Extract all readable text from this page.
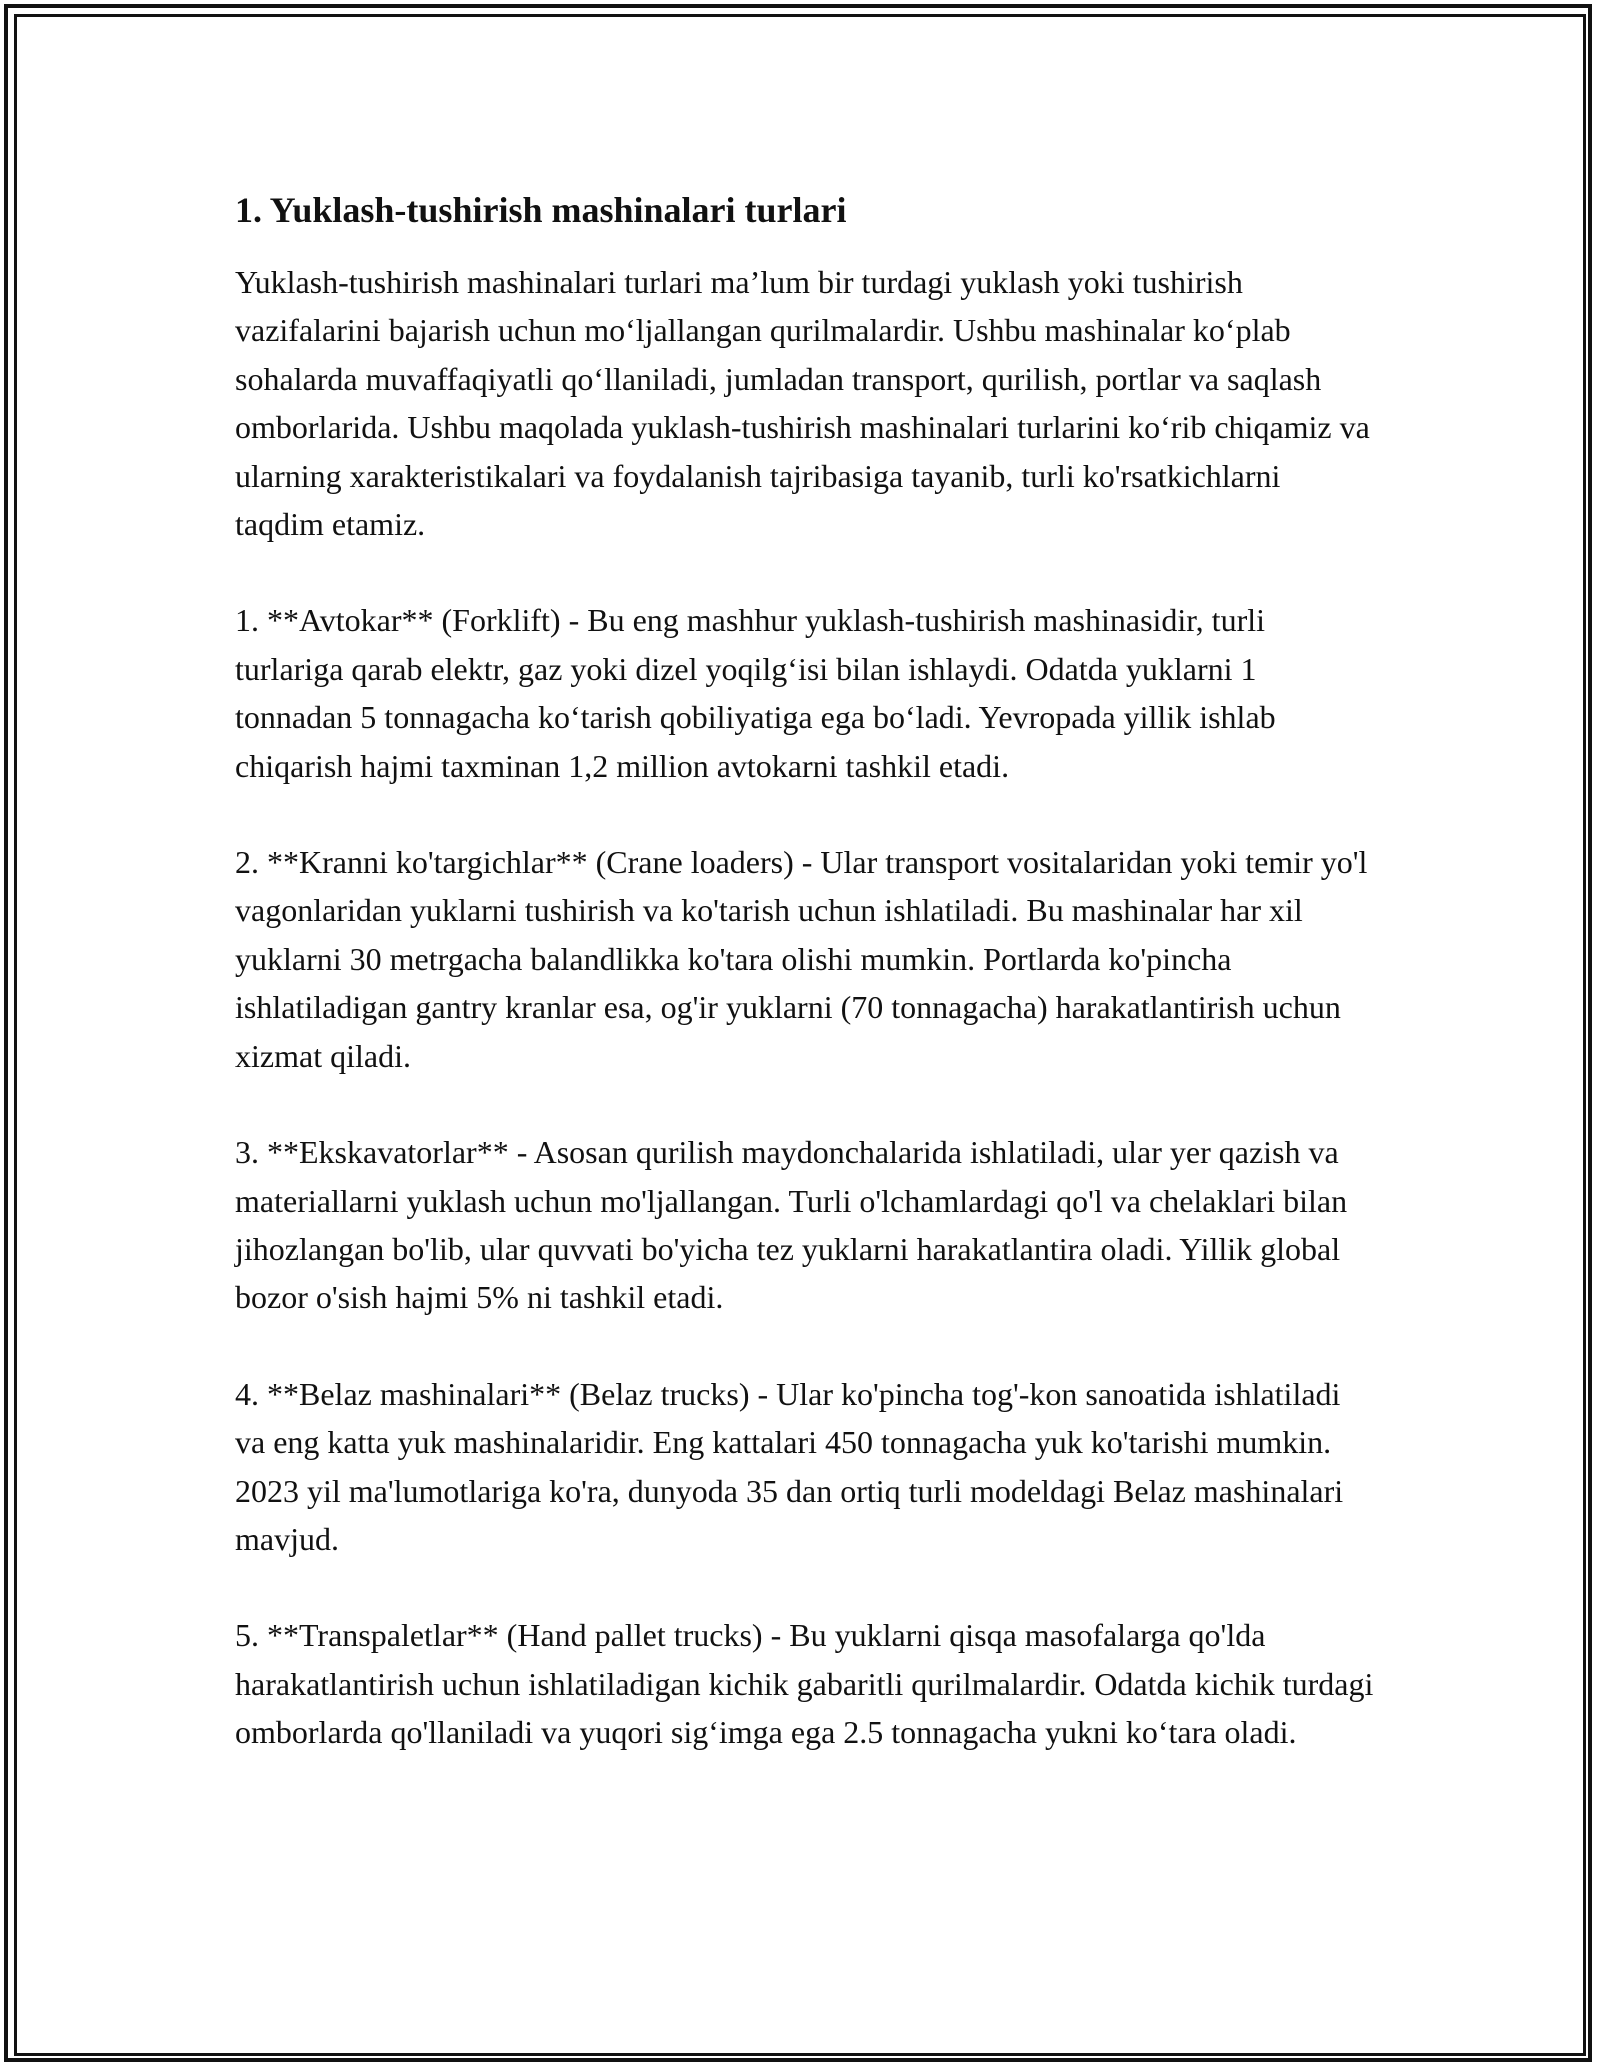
1. Yuklash-tushirish mashinalari turlari

Yuklash-tushirish mashinalari turlari ma’lum bir turdagi yuklash yoki tushirish vazifalarini bajarish uchun mo‘ljallangan qurilmalardir. Ushbu mashinalar ko‘plab sohalarda muvaffaqiyatli qo‘llaniladi, jumladan transport, qurilish, portlar va saqlash omborlarida. Ushbu maqolada yuklash-tushirish mashinalari turlarini ko‘rib chiqamiz va ularning xarakteristikalari va foydalanish tajribasiga tayanib, turli ko'rsatkichlarni taqdim etamiz.

1. **Avtokar** (Forklift) - Bu eng mashhur yuklash-tushirish mashinasidir, turli turlariga qarab elektr, gaz yoki dizel yoqilg‘isi bilan ishlaydi. Odatda yuklarni 1 tonnadan 5 tonnagacha ko‘tarish qobiliyatiga ega bo‘ladi. Yevropada yillik ishlab chiqarish hajmi taxminan 1,2 million avtokarni tashkil etadi.

2. **Kranni ko'targichlar** (Crane loaders) - Ular transport vositalaridan yoki temir yo'l vagonlaridan yuklarni tushirish va ko'tarish uchun ishlatiladi. Bu mashinalar har xil yuklarni 30 metrgacha balandlikka ko'tara olishi mumkin. Portlarda ko'pincha ishlatiladigan gantry kranlar esa, og'ir yuklarni (70 tonnagacha) harakatlantirish uchun xizmat qiladi.

3. **Ekskavatorlar** - Asosan qurilish maydonchalarida ishlatiladi, ular yer qazish va materiallarni yuklash uchun mo'ljallangan. Turli o'lchamlardagi qo'l va chelaklari bilan jihozlangan bo'lib, ular quvvati bo'yicha tez yuklarni harakatlantira oladi. Yillik global bozor o'sish hajmi 5% ni tashkil etadi.

4. **Belaz mashinalari** (Belaz trucks) - Ular ko'pincha tog'-kon sanoatida ishlatiladi va eng katta yuk mashinalaridir. Eng kattalari 450 tonnagacha yuk ko'tarishi mumkin. 2023 yil ma'lumotlariga ko'ra, dunyoda 35 dan ortiq turli modeldagi Belaz mashinalari mavjud.

5. **Transpaletlar** (Hand pallet trucks) - Bu yuklarni qisqa masofalarga qo'lda harakatlantirish uchun ishlatiladigan kichik gabaritli qurilmalardir. Odatda kichik turdagi omborlarda qo'llaniladi va yuqori sig‘imga ega 2.5 tonnagacha yukni ko‘tara oladi.
